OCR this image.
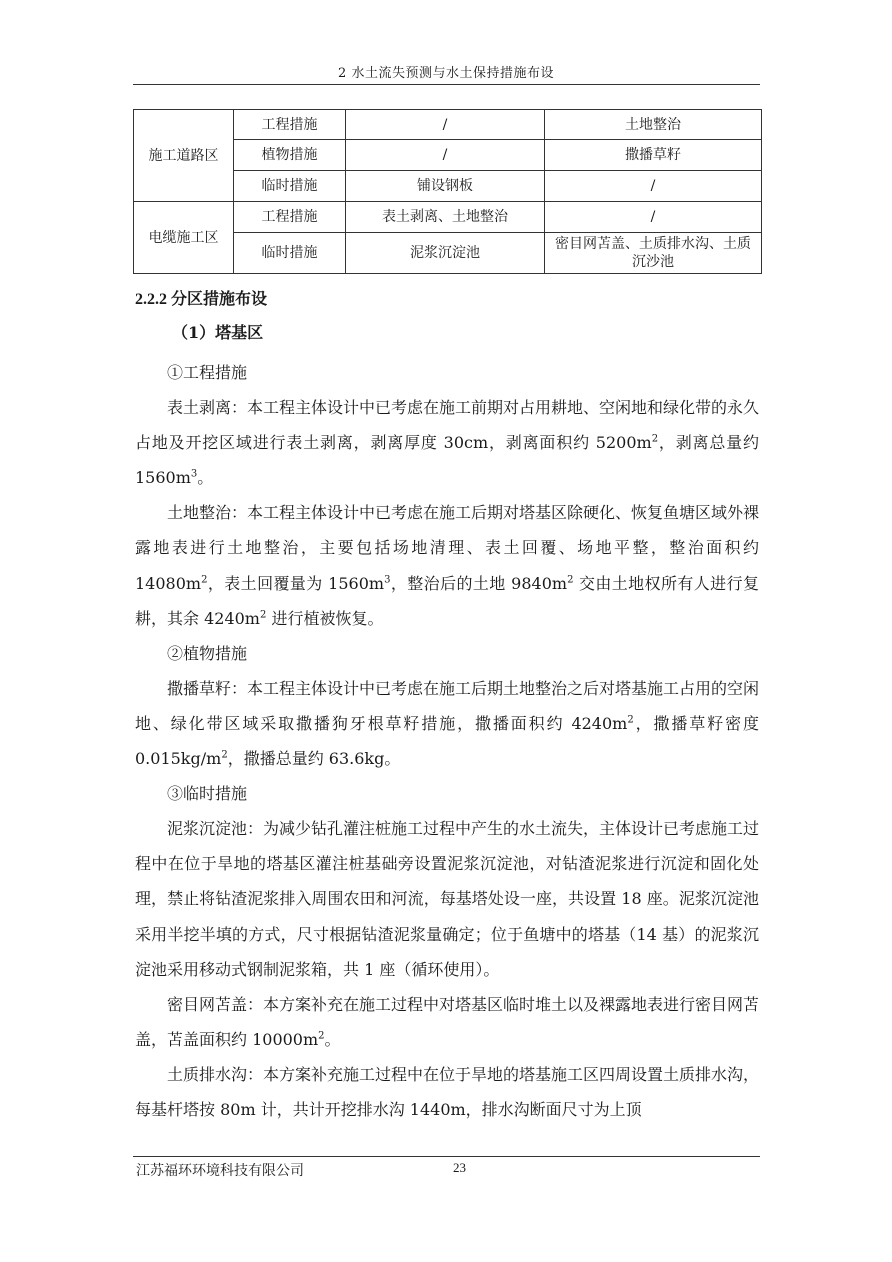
2 水土流失预测与水土保持措施布设
施工道路区	工程措施	/	土地整治
	植物措施	/	撒播草籽
	临时措施	铺设钢板	/
电缆施工区	工程措施	表土剥离、土地整治	/
	临时措施	泥浆沉淀池	密目网苫盖、土质排水沟、土质沉沙池
2.2.2 分区措施布设
（1）塔基区

①工程措施

表土剥离：本工程主体设计中已考虑在施工前期对占用耕地、空闲地和绿化带的永久占地及开挖区域进行表土剥离，剥离厚度 30cm，剥离面积约 $5200m^2$，剥离总量约 $1560m^3$。

土地整治：本工程主体设计中已考虑在施工后期对塔基区除硬化、恢复鱼塘区域外裸露地表进行土地整治，主要包括场地清理、表土回覆、场地平整，整治面积约 $14080m^2$，表土回覆量为 $1560m^3$，整治后的土地 $9840m^2$ 交由土地权所有人进行复耕，其余 $4240m^2$ 进行植被恢复。

②植物措施

撒播草籽：本工程主体设计中已考虑在施工后期土地整治之后对塔基施工占用的空闲地、绿化带区域采取撒播狗牙根草籽措施，撒播面积约 $4240m^2$，撒播草籽密度 $0.015kg/m^2$，撒播总量约 63.6kg。

③临时措施

泥浆沉淀池：为减少钻孔灌注桩施工过程中产生的水土流失，主体设计已考虑施工过程中在位于旱地的塔基区灌注桩基础旁设置泥浆沉淀池，对钻渣泥浆进行沉淀和固化处理，禁止将钻渣泥浆排入周围农田和河流，每基塔处设一座，共设置 18 座。泥浆沉淀池采用半挖半填的方式，尺寸根据钻渣泥浆量确定；位于鱼塘中的塔基（14 基）的泥浆沉淀池采用移动式钢制泥浆箱，共 1 座（循环使用）。

密目网苫盖：本方案补充在施工过程中对塔基区临时堆土以及裸露地表进行密目网苫盖，苫盖面积约 $10000m^2$。

土质排水沟：本方案补充施工过程中在位于旱地的塔基施工区四周设置土质排水沟，每基杆塔按 80m 计，共计开挖排水沟 1440m，排水沟断面尺寸为上顶

江苏福环环境科技有限公司	23
